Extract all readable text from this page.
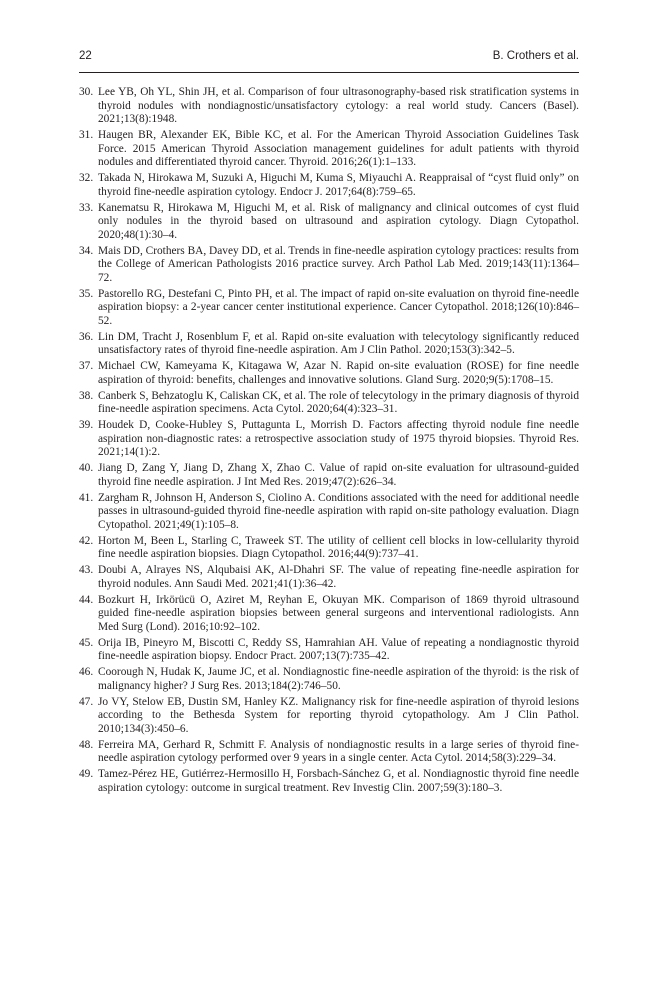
22	B. Crothers et al.
30. Lee YB, Oh YL, Shin JH, et al. Comparison of four ultrasonography-based risk stratification systems in thyroid nodules with nondiagnostic/unsatisfactory cytology: a real world study. Cancers (Basel). 2021;13(8):1948.
31. Haugen BR, Alexander EK, Bible KC, et al. For the American Thyroid Association Guidelines Task Force. 2015 American Thyroid Association management guidelines for adult patients with thyroid nodules and differentiated thyroid cancer. Thyroid. 2016;26(1):1–133.
32. Takada N, Hirokawa M, Suzuki A, Higuchi M, Kuma S, Miyauchi A. Reappraisal of “cyst fluid only” on thyroid fine-needle aspiration cytology. Endocr J. 2017;64(8):759–65.
33. Kanematsu R, Hirokawa M, Higuchi M, et al. Risk of malignancy and clinical outcomes of cyst fluid only nodules in the thyroid based on ultrasound and aspiration cytology. Diagn Cytopathol. 2020;48(1):30–4.
34. Mais DD, Crothers BA, Davey DD, et al. Trends in fine-needle aspiration cytology practices: results from the College of American Pathologists 2016 practice survey. Arch Pathol Lab Med. 2019;143(11):1364–72.
35. Pastorello RG, Destefani C, Pinto PH, et al. The impact of rapid on-site evaluation on thyroid fine-needle aspiration biopsy: a 2-year cancer center institutional experience. Cancer Cytopathol. 2018;126(10):846–52.
36. Lin DM, Tracht J, Rosenblum F, et al. Rapid on-site evaluation with telecytology significantly reduced unsatisfactory rates of thyroid fine-needle aspiration. Am J Clin Pathol. 2020;153(3):342–5.
37. Michael CW, Kameyama K, Kitagawa W, Azar N. Rapid on-site evaluation (ROSE) for fine needle aspiration of thyroid: benefits, challenges and innovative solutions. Gland Surg. 2020;9(5):1708–15.
38. Canberk S, Behzatoglu K, Caliskan CK, et al. The role of telecytology in the primary diagnosis of thyroid fine-needle aspiration specimens. Acta Cytol. 2020;64(4):323–31.
39. Houdek D, Cooke-Hubley S, Puttagunta L, Morrish D. Factors affecting thyroid nodule fine needle aspiration non-diagnostic rates: a retrospective association study of 1975 thyroid biopsies. Thyroid Res. 2021;14(1):2.
40. Jiang D, Zang Y, Jiang D, Zhang X, Zhao C. Value of rapid on-site evaluation for ultrasound-guided thyroid fine needle aspiration. J Int Med Res. 2019;47(2):626–34.
41. Zargham R, Johnson H, Anderson S, Ciolino A. Conditions associated with the need for additional needle passes in ultrasound-guided thyroid fine-needle aspiration with rapid on-site pathology evaluation. Diagn Cytopathol. 2021;49(1):105–8.
42. Horton M, Been L, Starling C, Traweek ST. The utility of cellient cell blocks in low-cellularity thyroid fine needle aspiration biopsies. Diagn Cytopathol. 2016;44(9):737–41.
43. Doubi A, Alrayes NS, Alqubaisi AK, Al-Dhahri SF. The value of repeating fine-needle aspiration for thyroid nodules. Ann Saudi Med. 2021;41(1):36–42.
44. Bozkurt H, Irkörücü O, Aziret M, Reyhan E, Okuyan MK. Comparison of 1869 thyroid ultrasound guided fine-needle aspiration biopsies between general surgeons and interventional radiologists. Ann Med Surg (Lond). 2016;10:92–102.
45. Orija IB, Pineyro M, Biscotti C, Reddy SS, Hamrahian AH. Value of repeating a nondiagnostic thyroid fine-needle aspiration biopsy. Endocr Pract. 2007;13(7):735–42.
46. Coorough N, Hudak K, Jaume JC, et al. Nondiagnostic fine-needle aspiration of the thyroid: is the risk of malignancy higher? J Surg Res. 2013;184(2):746–50.
47. Jo VY, Stelow EB, Dustin SM, Hanley KZ. Malignancy risk for fine-needle aspiration of thyroid lesions according to the Bethesda System for reporting thyroid cytopathology. Am J Clin Pathol. 2010;134(3):450–6.
48. Ferreira MA, Gerhard R, Schmitt F. Analysis of nondiagnostic results in a large series of thyroid fine-needle aspiration cytology performed over 9 years in a single center. Acta Cytol. 2014;58(3):229–34.
49. Tamez-Pérez HE, Gutiérrez-Hermosillo H, Forsbach-Sánchez G, et al. Nondiagnostic thyroid fine needle aspiration cytology: outcome in surgical treatment. Rev Investig Clin. 2007;59(3):180–3.
